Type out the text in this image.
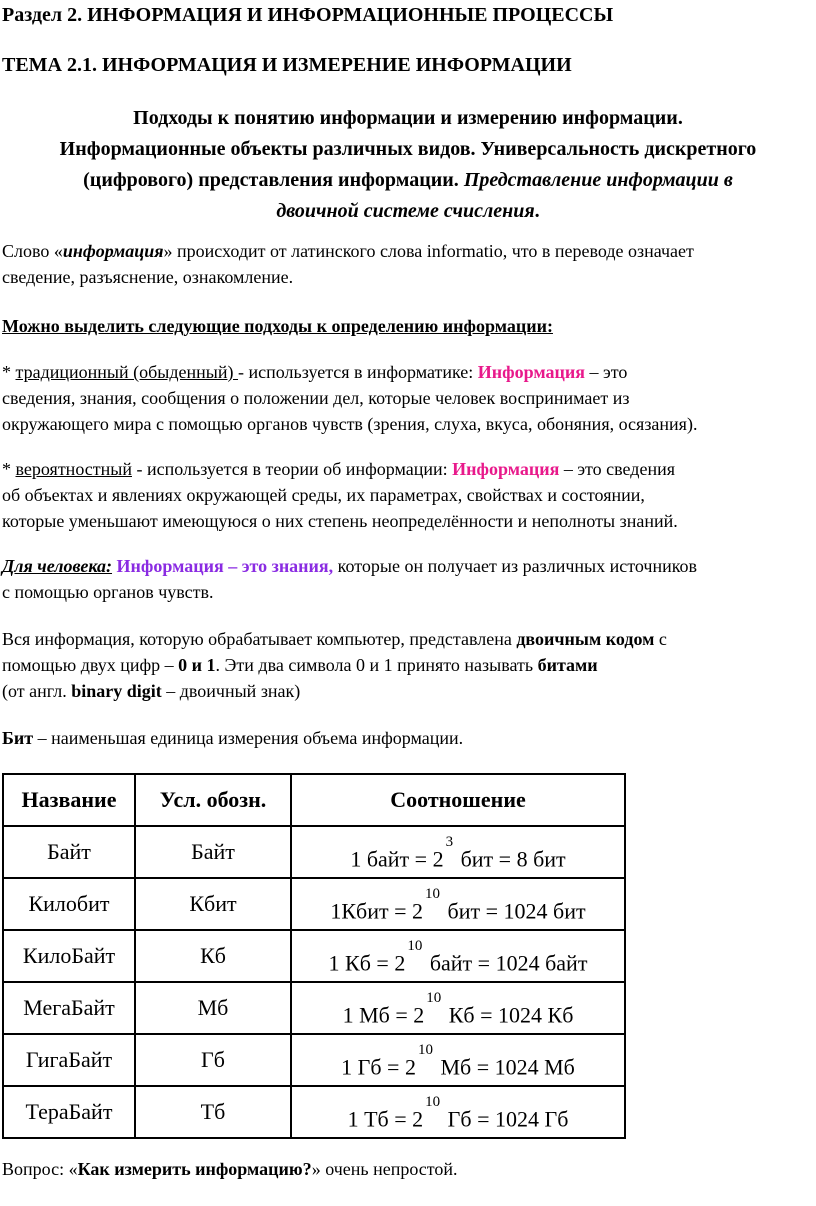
Раздел 2. ИНФОРМАЦИЯ И ИНФОРМАЦИОННЫЕ ПРОЦЕССЫ
ТЕМА 2.1. ИНФОРМАЦИЯ И ИЗМЕРЕНИЕ ИНФОРМАЦИИ
Подходы к понятию информации и измерению информации.
Информационные объекты различных видов. Универсальность дискретного
(цифрового) представления информации. Представление информации в
двоичной системе счисления.
Слово «информация» происходит от латинского слова informatio, что в переводе означает
сведение, разъяснение, ознакомление.
Можно выделить следующие подходы к определению информации:
* традиционный (обыденный) - используется в информатике: Информация – это
сведения, знания, сообщения о положении дел, которые человек воспринимает из
окружающего мира с помощью органов чувств (зрения, слуха, вкуса, обоняния, осязания).
* вероятностный - используется в теории об информации: Информация – это сведения
об объектах и явлениях окружающей среды, их параметрах, свойствах и состоянии,
которые уменьшают имеющуюся о них степень неопределённости и неполноты знаний.
Для человека: Информация – это знания, которые он получает из различных источников
с помощью органов чувств.
Вся информация, которую обрабатывает компьютер, представлена двоичным кодом с
помощью двух цифр – 0 и 1. Эти два символа 0 и 1 принято называть битами
(от англ. binary digit – двоичный знак)
Бит – наименьшая единица измерения объема информации.
Название	Усл. обозн.	Соотношение
Байт	Байт	1 байт = $2^3$ бит = 8 бит
Килобит	Кбит	1Кбит = $2^{10}$ бит = 1024 бит
КилоБайт	Кб	1 Кб = $2^{10}$ байт = 1024 байт
МегаБайт	Мб	1 Мб = $2^{10}$ Кб = 1024 Кб
ГигаБайт	Гб	1 Гб = $2^{10}$ Мб = 1024 Мб
ТераБайт	Тб	1 Тб = $2^{10}$ Гб = 1024 Гб
Вопрос: «Как измерить информацию?» очень непростой.
